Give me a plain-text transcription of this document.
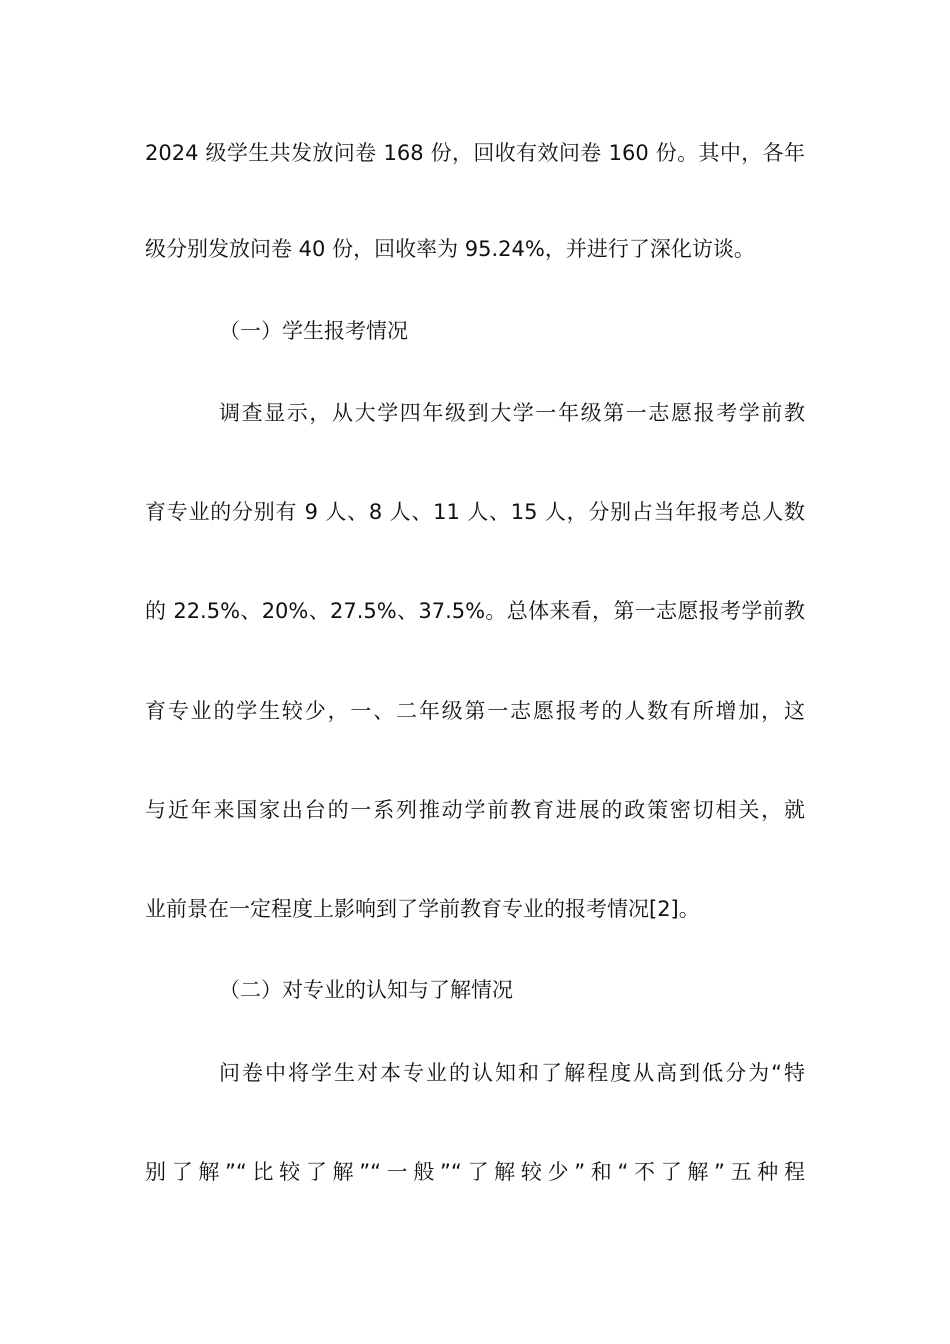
2024 级学生共发放问卷 168 份，回收有效问卷 160 份。其中，各年
级分别发放问卷 40 份，回收率为 95.24%，并进行了深化访谈。
（一）学生报考情况
调查显示，从大学四年级到大学一年级第一志愿报考学前教
育专业的分别有 9 人、8 人、11 人、15 人，分别占当年报考总人数
的 22.5%、20%、27.5%、37.5%。总体来看，第一志愿报考学前教
育专业的学生较少，一、二年级第一志愿报考的人数有所增加，这
与近年来国家出台的一系列推动学前教育进展的政策密切相关，就
业前景在一定程度上影响到了学前教育专业的报考情况[2]。
（二）对专业的认知与了解情况
问卷中将学生对本专业的认知和了解程度从高到低分为“特
别了解”“比较了解”“一般”“了解较少”和“不了解”五种程
